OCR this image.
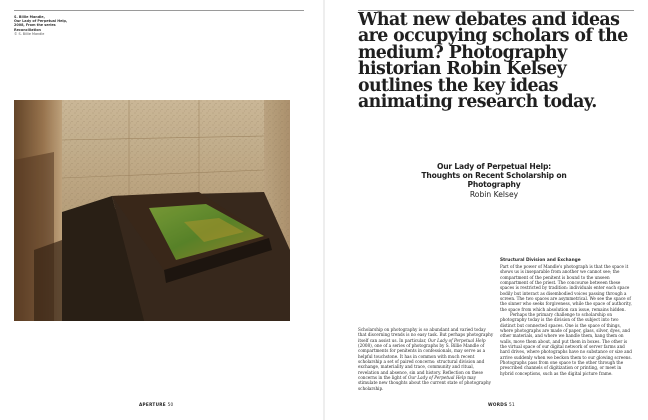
S. Billie Mandle,
Our Lady of Perpetual Help, 2008, From the series Reconciliation
© S. Billie Mandle
APERTURE 50
What new debates and ideas are occupying scholars of the medium? Photography historian Robin Kelsey outlines the key ideas animating research today.
Our Lady of Perpetual Help: Thoughts on Recent Scholarship on Photography
Robin Kelsey

Scholarship on photography is so abundant and varied today that discerning trends is no easy task. But perhaps photography itself can assist us. In particular, Our Lady of Perpetual Help (2008), one of a series of photographs by S. Billie Mandle of compartments for penitents in confessionals, may serve as a helpful touchstone. It has in common with much recent scholarship a set of paired concerns: structural division and exchange, materiality and trace, community and ritual, revelation and absence, sin and history. Reflection on these concerns in the light of Our Lady of Perpetual Help may stimulate new thoughts about the current state of photography scholarship.

Structural Division and Exchange

Part of the power of Mandle's photograph is that the space it shows us is inseparable from another we cannot see; the compartment of the penitent is bound to the unseen compartment of the priest. The concourse between these spaces is restricted by tradition: individuals enter each space bodily but interact as disembodied voices passing through a screen. The two spaces are asymmetrical. We see the space of the sinner who seeks forgiveness, while the space of authority, the space from which absolution can issue, remains hidden.

Perhaps the primary challenge to scholarship on photography today is the division of the subject into two distinct but connected spaces. One is the space of things, where photographs are made of paper, glass, silver, dyes, and other materials, and where we handle them, hang them on walls, move them about, and put them in boxes. The other is the virtual space of our digital network of server farms and hard drives, where photographs have no substance or size and arrive suddenly when we beckon them to our glowing screens. Photographs pass from one space to the other through the prescribed channels of digitization or printing, or meet in hybrid conceptions, such as the digital picture frame.

WORDS 51
